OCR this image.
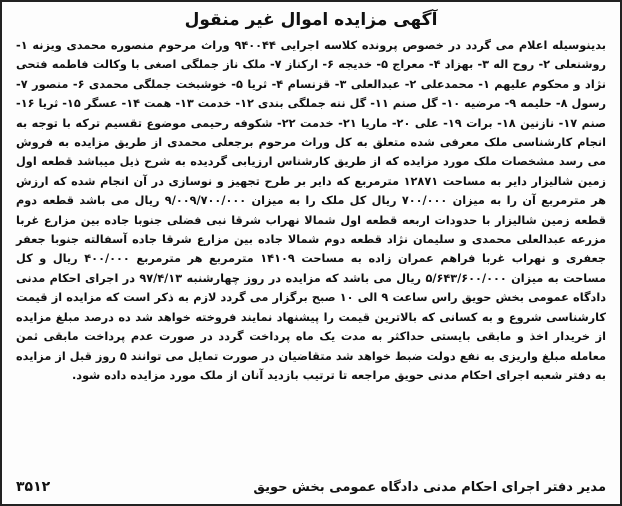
آگهی مزایده اموال غیر منقول

بدینوسیله اعلام می گردد در خصوص پرونده کلاسه اجرایی ۹۴۰۰۴۴ وراث مرحوم منصوره محمدی ویزنه ۱- روشنعلی ۲- روح اله ۳- بهزاد ۴- معراج ۵- خدیجه ۶- ارکناز ۷- ملک ناز جملگی اصغی با وکالت فاطمه فتحی نژاد و محکوم علیهم ۱- محمدعلی ۲- عبدالعلی ۳- قزنسام ۴- ثریا ۵- خوشبخت جملگی محمدی ۶- منصور ۷- رسول ۸- حلیمه ۹- مرضیه ۱۰- گل صنم ۱۱- گل ننه جملگی بندی ۱۲- خدمت ۱۳- همت ۱۴- عسگر ۱۵- ثریا ۱۶- صنم ۱۷- نازنین ۱۸- برات ۱۹- علی ۲۰- ماریا ۲۱- خدمت ۲۲- شکوفه رحیمی موضوع تقسیم ترکه با توجه به انجام کارشناسی ملک معرفی شده متعلق به کل وراث مرحوم برجعلی محمدی از طریق مزایده به فروش می رسد مشخصات ملک مورد مزایده که از طریق کارشناس ارزیابی گردیده به شرح ذیل میباشد قطعه اول زمین شالیزار دایر به مساحت ۱۲۸۷۱ مترمربع که دایر بر طرح تجهیز و نوسازی در آن انجام شده که ارزش هر مترمربع آن را به میزان ۷۰۰/۰۰۰ ریال کل ملک را به میزان ۹/۰۰۹/۷۰۰/۰۰۰ ریال می باشد قطعه دوم قطعه زمین شالیزار با حدودات اربعه قطعه اول شمالا نهراب شرقا نبی فضلی جنوبا جاده بین مزارع غربا مزرعه عبدالعلی محمدی و سلیمان نژاد قطعه دوم شمالا جاده بین مزارع شرقا جاده آسفالته جنوبا جعفر جعفری و نهراب غربا فراهم عمران زاده به مساحت ۱۴۱۰۹ مترمربع هر مترمربع ۴۰۰/۰۰۰ ریال و کل مساحت به میزان ۵/۶۴۳/۶۰۰/۰۰۰ ریال می باشد که مزایده در روز چهارشنبه ۹۷/۴/۱۳ در اجرای احکام مدنی دادگاه عمومی بخش حویق راس ساعت ۹ الی ۱۰ صبح برگزار می گردد لازم به ذکر است که مزایده از قیمت کارشناسی شروع و به کسانی که بالاترین قیمت را پیشنهاد نمایند فروخته خواهد شد ده درصد مبلغ مزایده از خریدار اخذ و مابقی بایستی حداکثر به مدت یک ماه پرداخت گردد در صورت عدم پرداخت مابقی ثمن معامله مبلغ واریزی به نفع دولت ضبط خواهد شد متقاضیان در صورت تمایل می توانند ۵ روز قبل از مزایده به دفتر شعبه اجرای احکام مدنی حویق مراجعه تا ترتیب بازدید آنان از ملک مورد مزایده داده شود.

مدیر دفتر اجرای احکام مدنی دادگاه عمومی بخش حویق
۳۵۱۲
